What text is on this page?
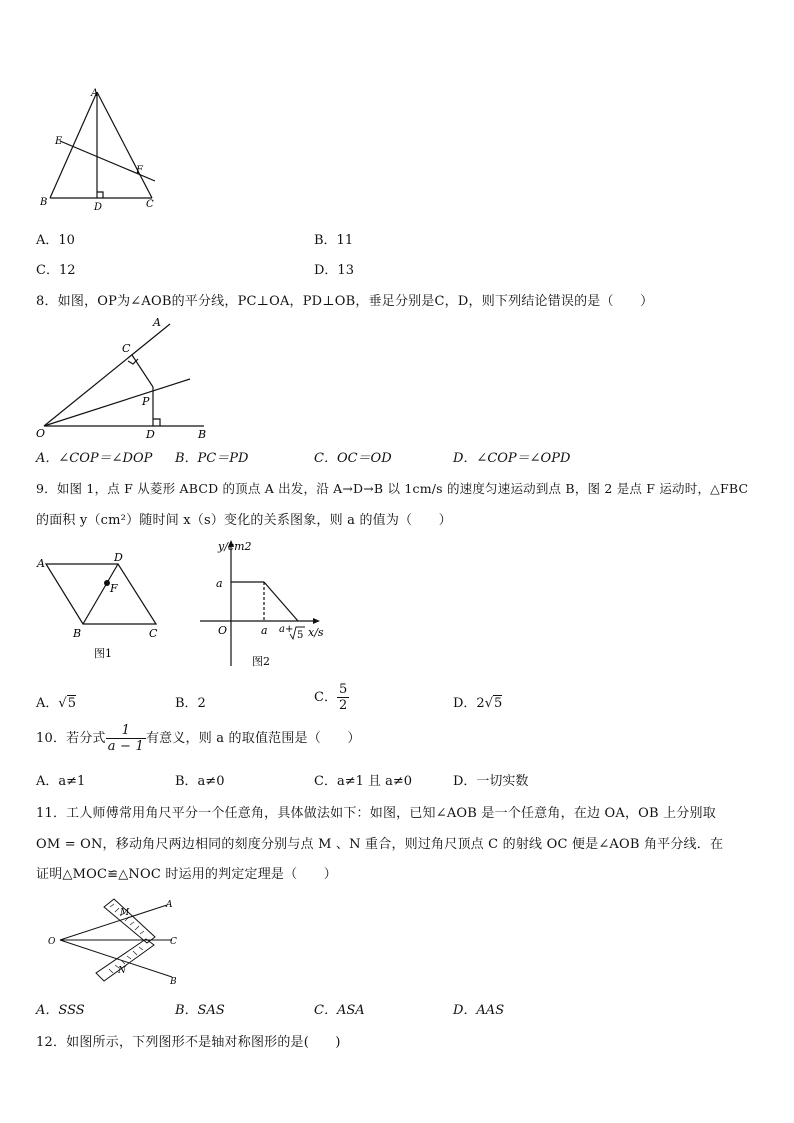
A
B	C
D
E
F
A．10	B．11
C．12	D．13
8．如图，OP为∠AOB的平分线，PC⊥OA，PD⊥OB，垂足分别是C，D，则下列结论错误的是（　　）
A
C
P
O	D	B
A．∠COP＝∠DOP B．PC＝PD	C．OC＝OD	D．∠COP＝∠OPD
9．如图 1，点 F 从菱形 ABCD 的顶点 A 出发，沿 A→D→B 以 1cm/s 的速度匀速运动到点 B，图 2 是点 F 运动时，△FBC
的面积 y（cm²）随时间 x（s）变化的关系图象，则 a 的值为（　　）
A	D
F
B	C
图1
y/cm2
a
O	a a+
5 x/s
图2
A．√5	B．2	C． $\frac{5}{2}$	D．2√5
10．若分式 $\frac{1}{a - 1}$ 有意义，则 a 的取值范围是（　　）
A．a≠1	B．a≠0	C．a≠1 且 a≠0	D．一切实数
11．工人师傅常用角尺平分一个任意角，具体做法如下：如图，已知∠AOB 是一个任意角，在边 OA，OB 上分别取
OM = ON，移动角尺两边相同的刻度分别与点 M 、N 重合，则过角尺顶点 C 的射线 OC 便是∠AOB 角平分线．在
证明△MOC≌△NOC 时运用的判定定理是（　　）
O
M
N
A
C
B
A．SSS	B．SAS	C．ASA	D．AAS
12．如图所示，下列图形不是轴对称图形的是(　　)
